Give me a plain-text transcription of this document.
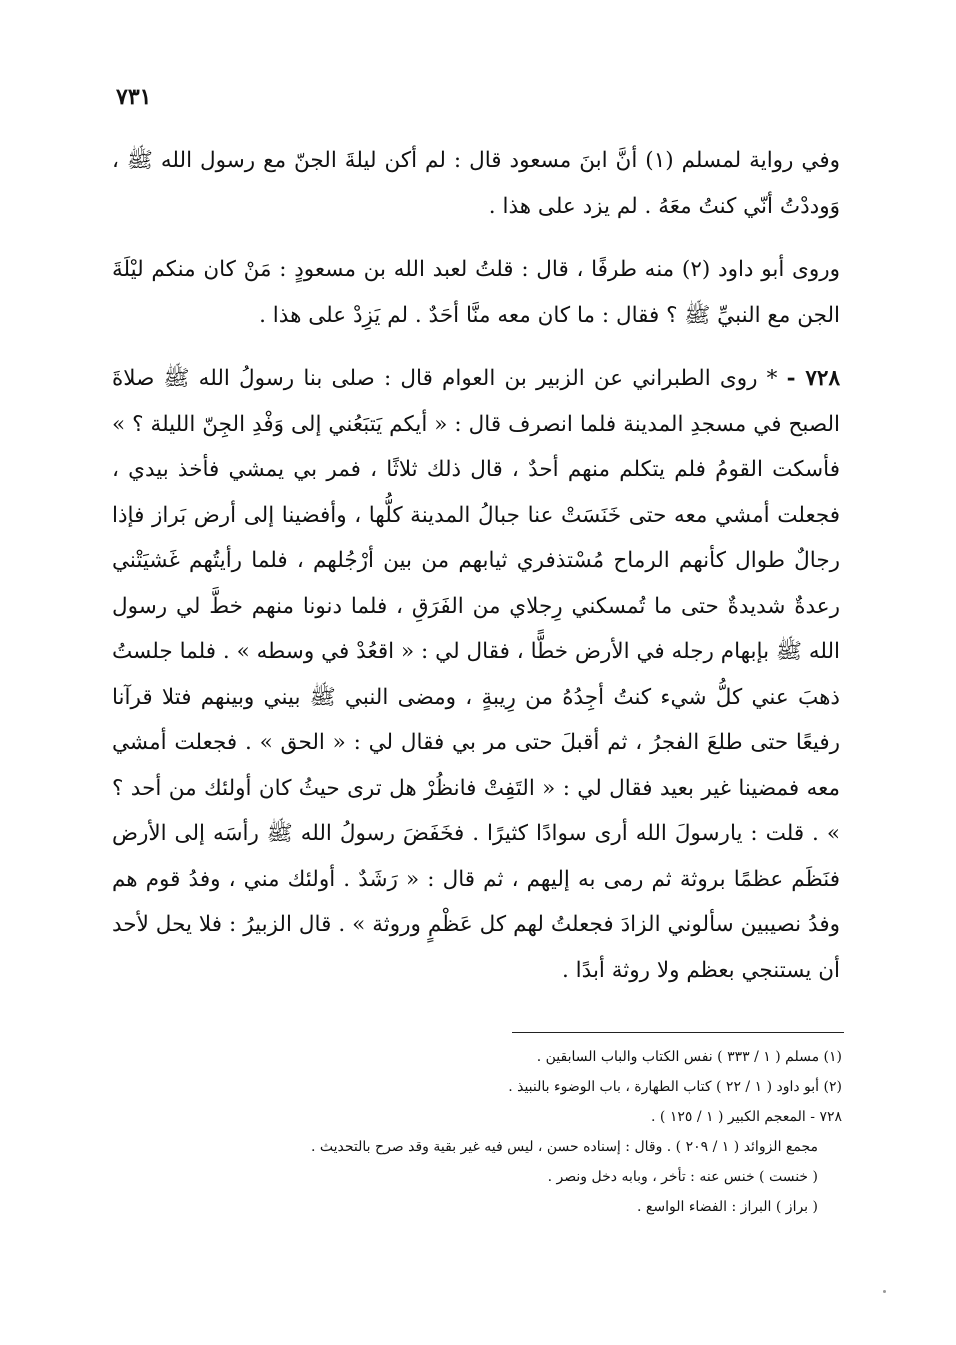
٧٣١

وفي رواية لمسلم (١) أنَّ ابنَ مسعود قال : لم أكن ليلةَ الجنّ مع رسول الله ﷺ ، وَوددْتُ أنّي كنتُ معَهُ . لم يزد على هذا .

وروى أبو داود (٢) منه طرفًا ، قال : قلتُ لعبد الله بن مسعودٍ : مَنْ كان منكم ليْلَةَ الجن مع النبيِّ ﷺ ؟ فقال : ما كان معه منَّا أحَدٌ . لم يَزِدْ على هذا .

٧٢٨ - * روى الطبراني عن الزبير بن العوام قال : صلى بنا رسولُ الله ﷺ صلاةَ الصبح في مسجدِ المدينة فلما انصرف قال : « أيكم يَتبَعُني إلى وَفْدِ الجِنّ الليلة ؟ » فأسكت القومُ فلم يتكلم منهم أحدٌ ، قال ذلك ثلاثًا ، فمر بي يمشي فأخذ بيدي ، فجعلت أمشي معه حتى خَنَسَتْ عنا جبالُ المدينة كلُّها ، وأفضينا إلى أرض بَراز فإذا رجالٌ طوال كأنهم الرماح مُسْتذفري ثيابهم من بين أرْجُلهم ، فلما رأيتُهم غَشيَتْني رعدةٌ شديدةٌ حتى ما تُمسكني رِجلاي من الفَرَقِ ، فلما دنونا منهم خطَّ لي رسول الله ﷺ بإبهام رجله في الأرض خطًّا ، فقال لي : « اقعُدْ في وسطه » . فلما جلستُ ذهبَ عني كلُّ شيء كنتُ أجِدُهُ من رِيبةٍ ، ومضى النبي ﷺ بيني وبينهم فتلا قرآنا رفيعًا حتى طلعَ الفجرُ ، ثم أقبلَ حتى مر بي فقال لي : « الحق » . فجعلت أمشي معه فمضينا غير بعيد فقال لي : « التَفِتْ فانظُرْ هل ترى حيثُ كان أولئك من أحد ؟ » . قلت : يارسولَ الله أرى سوادًا كثيرًا . فخَفَضَ رسولُ الله ﷺ رأسَه إلى الأرض فنَظَم عظمًا بروثة ثم رمى به إليهم ، ثم قال : « رَشَدٌ . أولئك مني ، وفدُ قوم هم وفدُ نصيبين سألوني الزادَ فجعلتُ لهم كل عَظْمٍ وروثة » . قال الزبيرُ : فلا يحل لأحد أن يستنجي بعظم ولا روثة أبدًا .

(١) مسلم ( ١ / ٣٣٣ ) نفس الكتاب والباب السابقين .
(٢) أبو داود ( ١ / ٢٢ ) كتاب الطهارة ، باب الوضوء بالنبيذ .
٧٢٨ - المعجم الكبير ( ١ / ١٢٥ ) .
مجمع الزوائد ( ١ / ٢٠٩ ) . وقال : إسناده حسن ، ليس فيه غير بقية وقد صرح بالتحديث .
( خنست ) خنس عنه : تأخر ، وبابه دخل ونصر .
( براز ) البراز : الفضاء الواسع .
